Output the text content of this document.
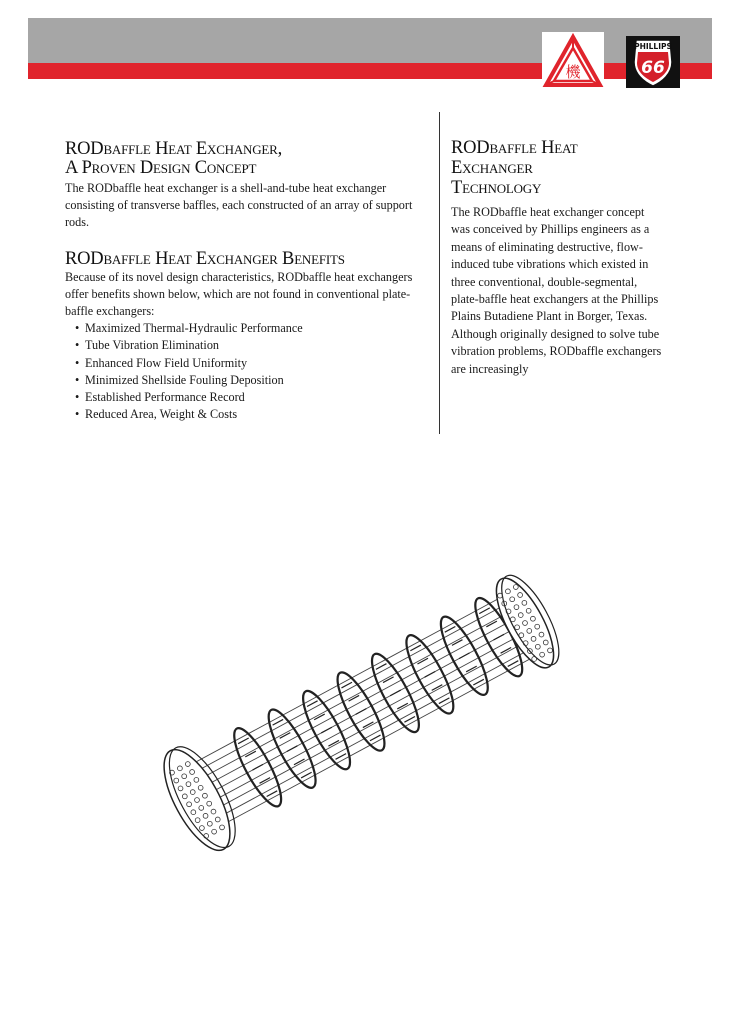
機
PHILLIPS
66
RODbaffle Heat Exchanger,
A Proven Design Concept

The RODbaffle heat exchanger is a shell-and-tube heat exchanger consisting of transverse baffles, each constructed of an array of support rods.

RODbaffle Heat Exchanger Benefits

Because of its novel design characteristics, RODbaffle heat exchangers offer benefits shown below, which are not found in conventional plate-baffle exchangers:

• Maximized Thermal-Hydraulic Performance
• Tube Vibration Elimination
• Enhanced Flow Field Uniformity
• Minimized Shellside Fouling Deposition
• Established Performance Record
• Reduced Area, Weight & Costs
RODbaffle Heat
Exchanger
Technology

The RODbaffle heat exchanger concept was conceived by Phillips engineers as a means of eliminating destructive, flow-induced tube vibrations which existed in three conventional, double-segmental, plate-baffle heat exchangers at the Phillips Plains Butadiene Plant in Borger, Texas. Although originally designed to solve tube vibration problems, RODbaffle exchangers are increasingly
